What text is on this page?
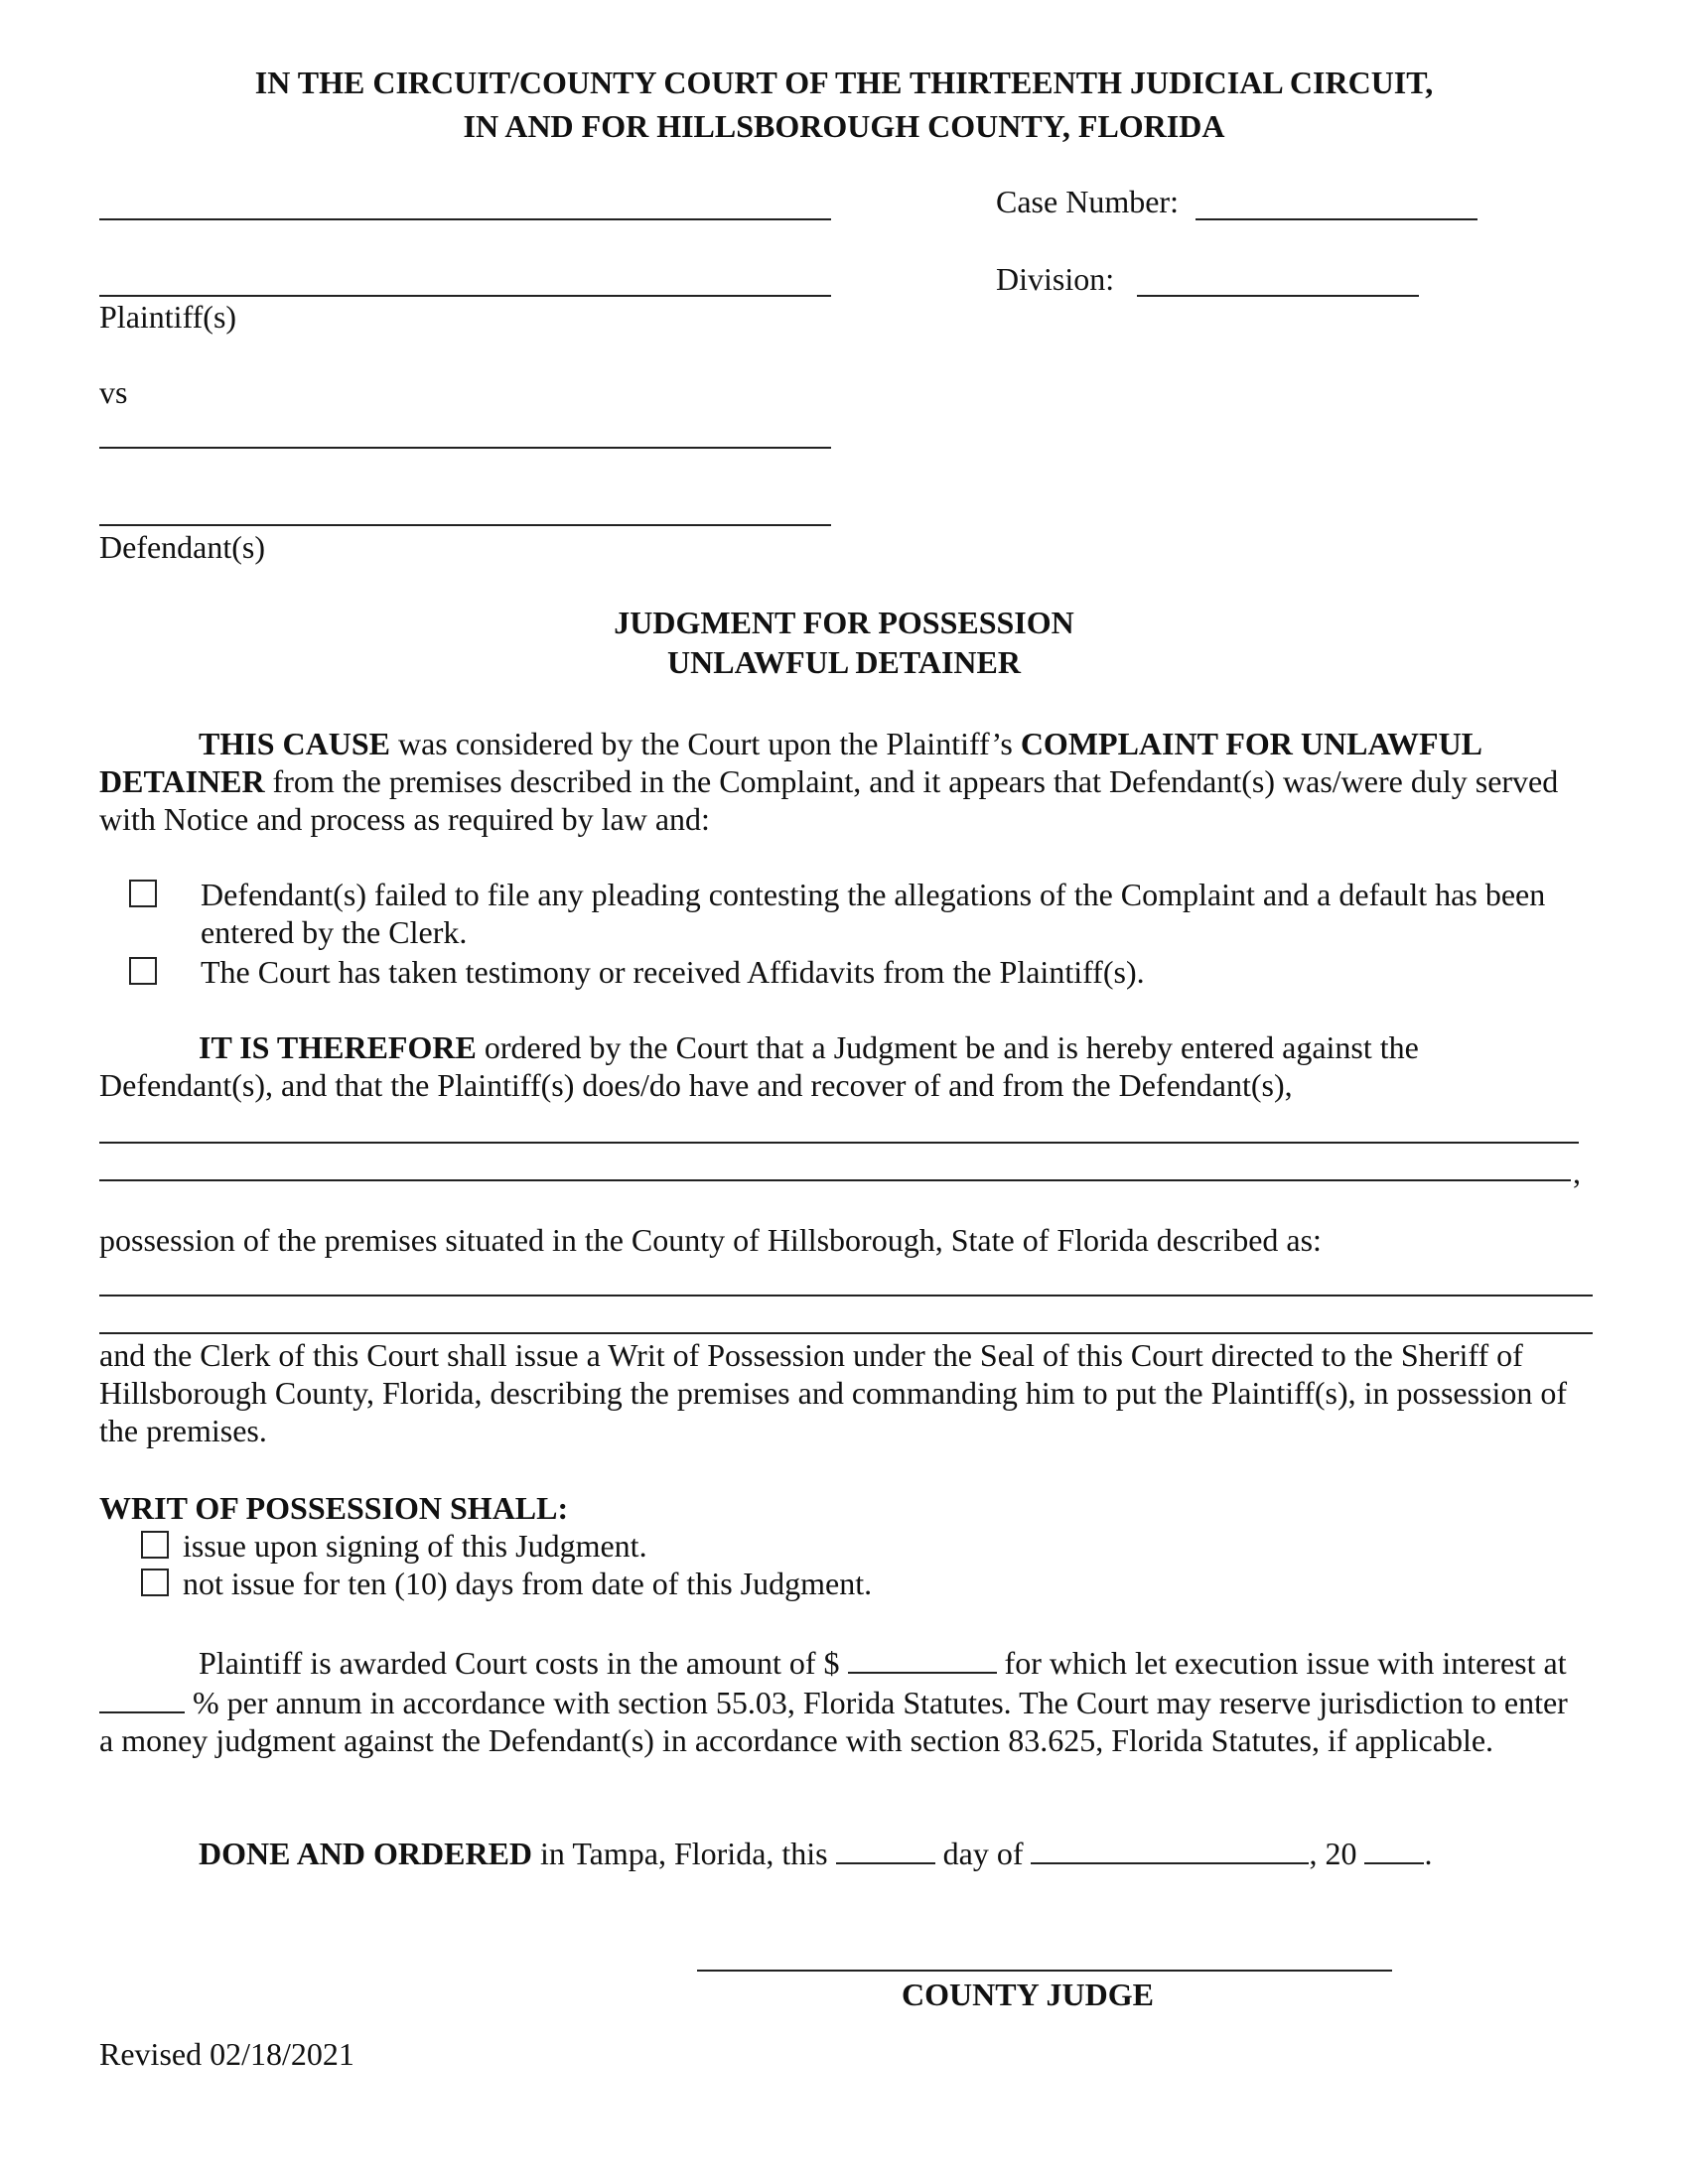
IN THE CIRCUIT/COUNTY COURT OF THE THIRTEENTH JUDICIAL CIRCUIT,
IN AND FOR HILLSBOROUGH COUNTY, FLORIDA
Plaintiff(s)
vs
Defendant(s)
Case Number:
Division:
JUDGMENT FOR POSSESSION
UNLAWFUL DETAINER
THIS CAUSE was considered by the Court upon the Plaintiff’s COMPLAINT FOR UNLAWFUL DETAINER from the premises described in the Complaint, and it appears that Defendant(s) was/were duly served with Notice and process as required by law and:
Defendant(s) failed to file any pleading contesting the allegations of the Complaint and a default has been entered by the Clerk.
The Court has taken testimony or received Affidavits from the Plaintiff(s).
IT IS THEREFORE ordered by the Court that a Judgment be and is hereby entered against the Defendant(s), and that the Plaintiff(s) does/do have and recover of and from the Defendant(s),
,
possession of the premises situated in the County of Hillsborough, State of Florida described as:
and the Clerk of this Court shall issue a Writ of Possession under the Seal of this Court directed to the Sheriff of Hillsborough County, Florida, describing the premises and commanding him to put the Plaintiff(s), in possession of the premises.
WRIT OF POSSESSION SHALL:
issue upon signing of this Judgment.
not issue for ten (10) days from date of this Judgment.
Plaintiff is awarded Court costs in the amount of $	for which let execution issue with interest at  % per annum in accordance with section 55.03, Florida Statutes. The Court may reserve jurisdiction to enter a money judgment against the Defendant(s) in accordance with section 83.625, Florida Statutes, if applicable.
DONE AND ORDERED in Tampa, Florida, this	day of	, 20 .
COUNTY JUDGE
Revised 02/18/2021
